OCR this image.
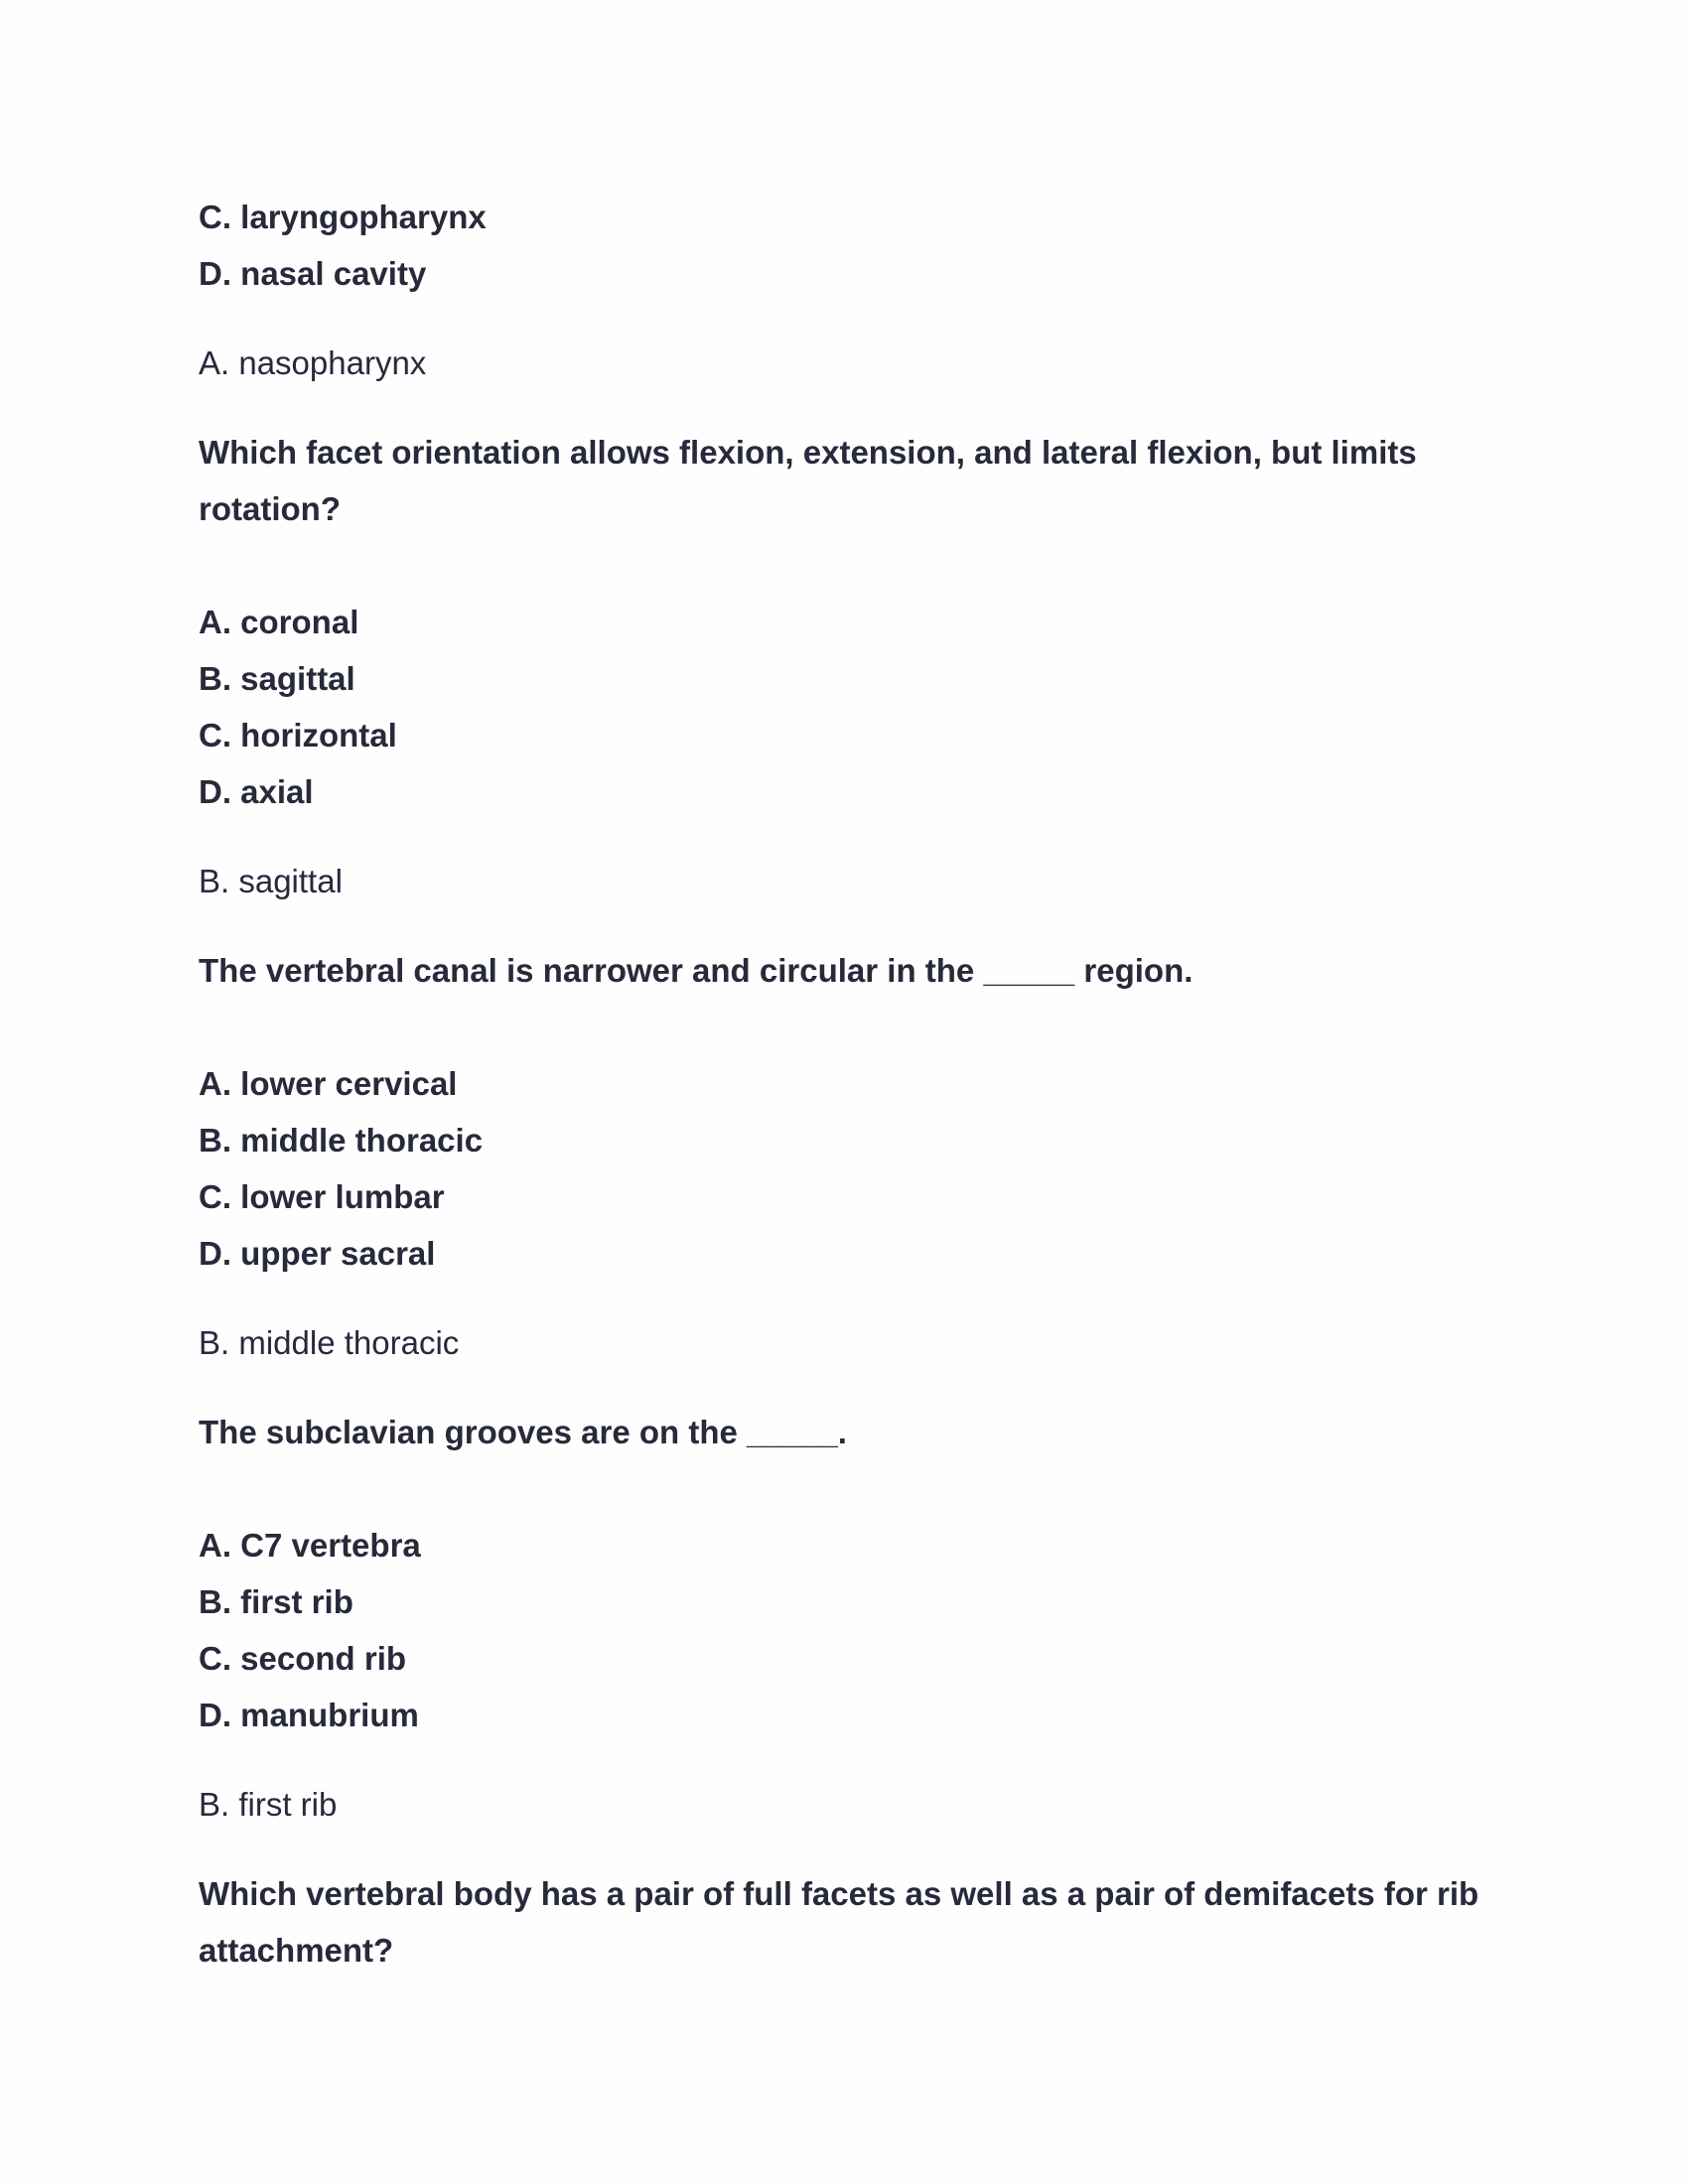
C. laryngopharynx
D. nasal cavity

A. nasopharynx

Which facet orientation allows flexion, extension, and lateral flexion, but limits rotation?

A. coronal
B. sagittal
C. horizontal
D. axial

B. sagittal

The vertebral canal is narrower and circular in the _____ region.

A. lower cervical
B. middle thoracic
C. lower lumbar
D. upper sacral

B. middle thoracic

The subclavian grooves are on the _____.

A. C7 vertebra
B. first rib
C. second rib
D. manubrium

B. first rib

Which vertebral body has a pair of full facets as well as a pair of demifacets for rib attachment?
